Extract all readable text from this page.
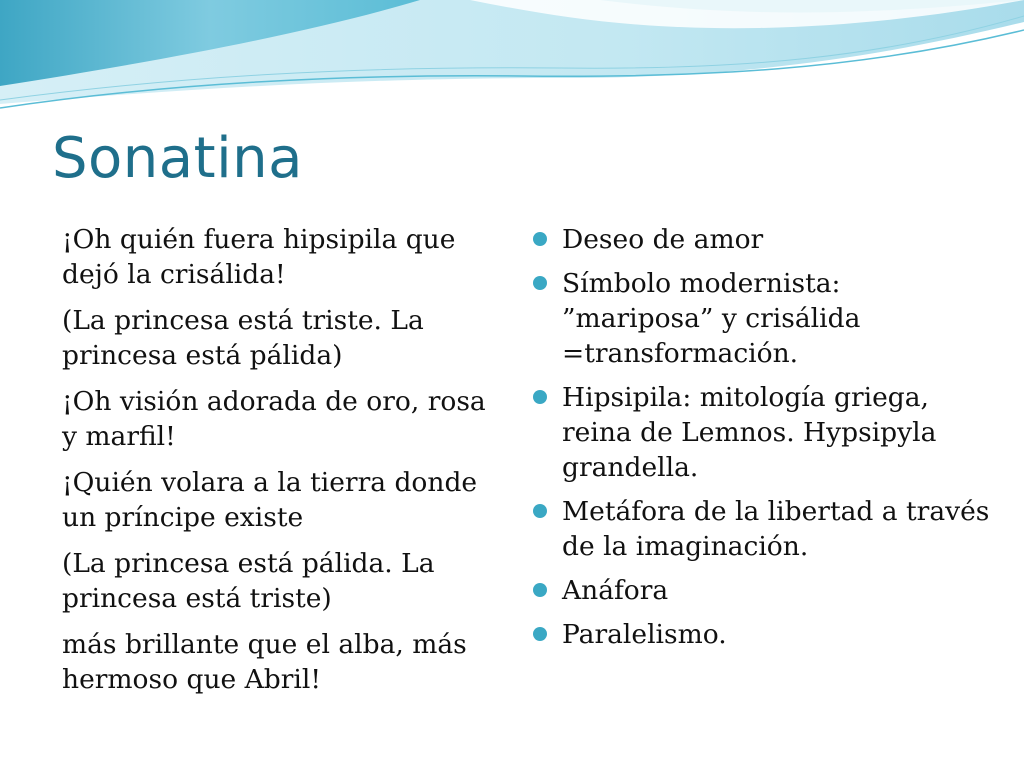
Sonatina

¡Oh quién fuera hipsipila que dejó la crisálida!

(La princesa está triste. La princesa está pálida)

¡Oh visión adorada de oro, rosa y marfil!

¡Quién volara a la tierra donde un príncipe existe

(La princesa está pálida. La princesa está triste)

más brillante que el alba, más hermoso que Abril!

Deseo de amor
Símbolo modernista: ”mariposa” y crisálida =transformación.
Hipsipila: mitología griega, reina de Lemnos. Hypsipyla grandella.
Metáfora de la libertad a través de la imaginación.
Anáfora
Paralelismo.
